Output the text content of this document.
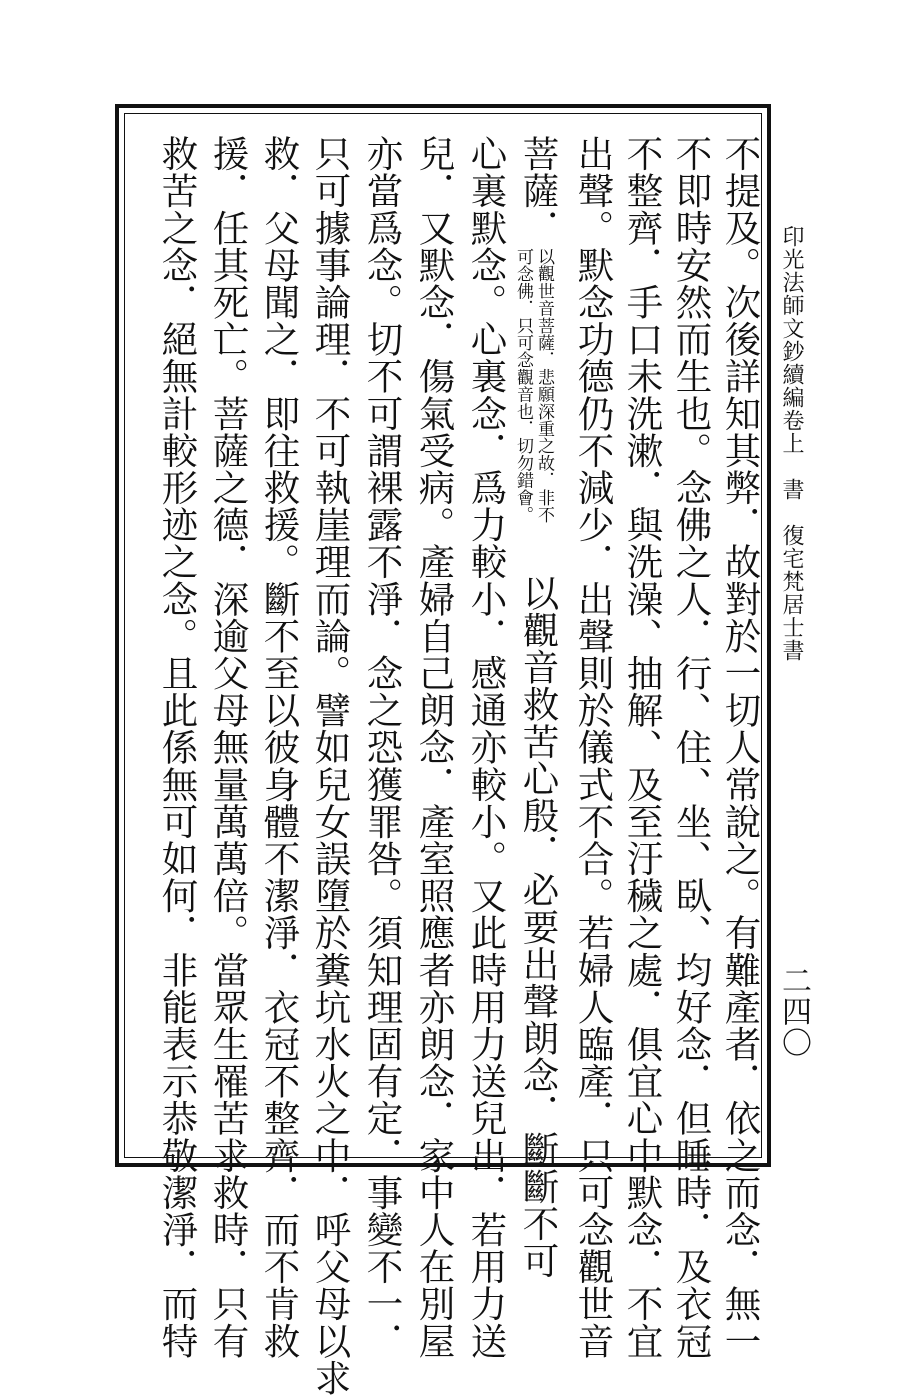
印光法師文鈔續編卷上　書　復宅梵居士書
不提及。次後詳知其弊．故對於一切人常說之。有難產者．依之而念．無一
不即時安然而生也。念佛之人．行、住、坐、臥、均好念．但睡時．及衣冠
不整齊．手口未洗漱．與洗澡、抽解、及至汙穢之處．俱宜心中默念．不宜
出聲。默念功德仍不減少．出聲則於儀式不合。若婦人臨產．只可念觀世音
菩薩．
以觀世音菩薩．悲願深重之故．非不
可念佛．只可念觀音也．切勿錯會。
以觀音救苦心殷．必要出聲朗念．斷斷不可
心裏默念。心裏念．爲力較小．感通亦較小。又此時用力送兒出．若用力送
兒．又默念．傷氣受病。產婦自己朗念．產室照應者亦朗念．家中人在別屋
亦當爲念。切不可謂裸露不淨．念之恐獲罪咎。須知理固有定．事變不一．
只可據事論理．不可執崖理而論。譬如兒女誤墮於糞坑水火之中．呼父母以求
救．父母聞之．即往救援。斷不至以彼身體不潔淨．衣冠不整齊．而不肯救
援．任其死亡。菩薩之德．深逾父母無量萬萬倍。當眾生罹苦求救時．只有
救苦之念．絕無計較形迹之念。且此係無可如何．非能表示恭敬潔淨．而特	二四〇
